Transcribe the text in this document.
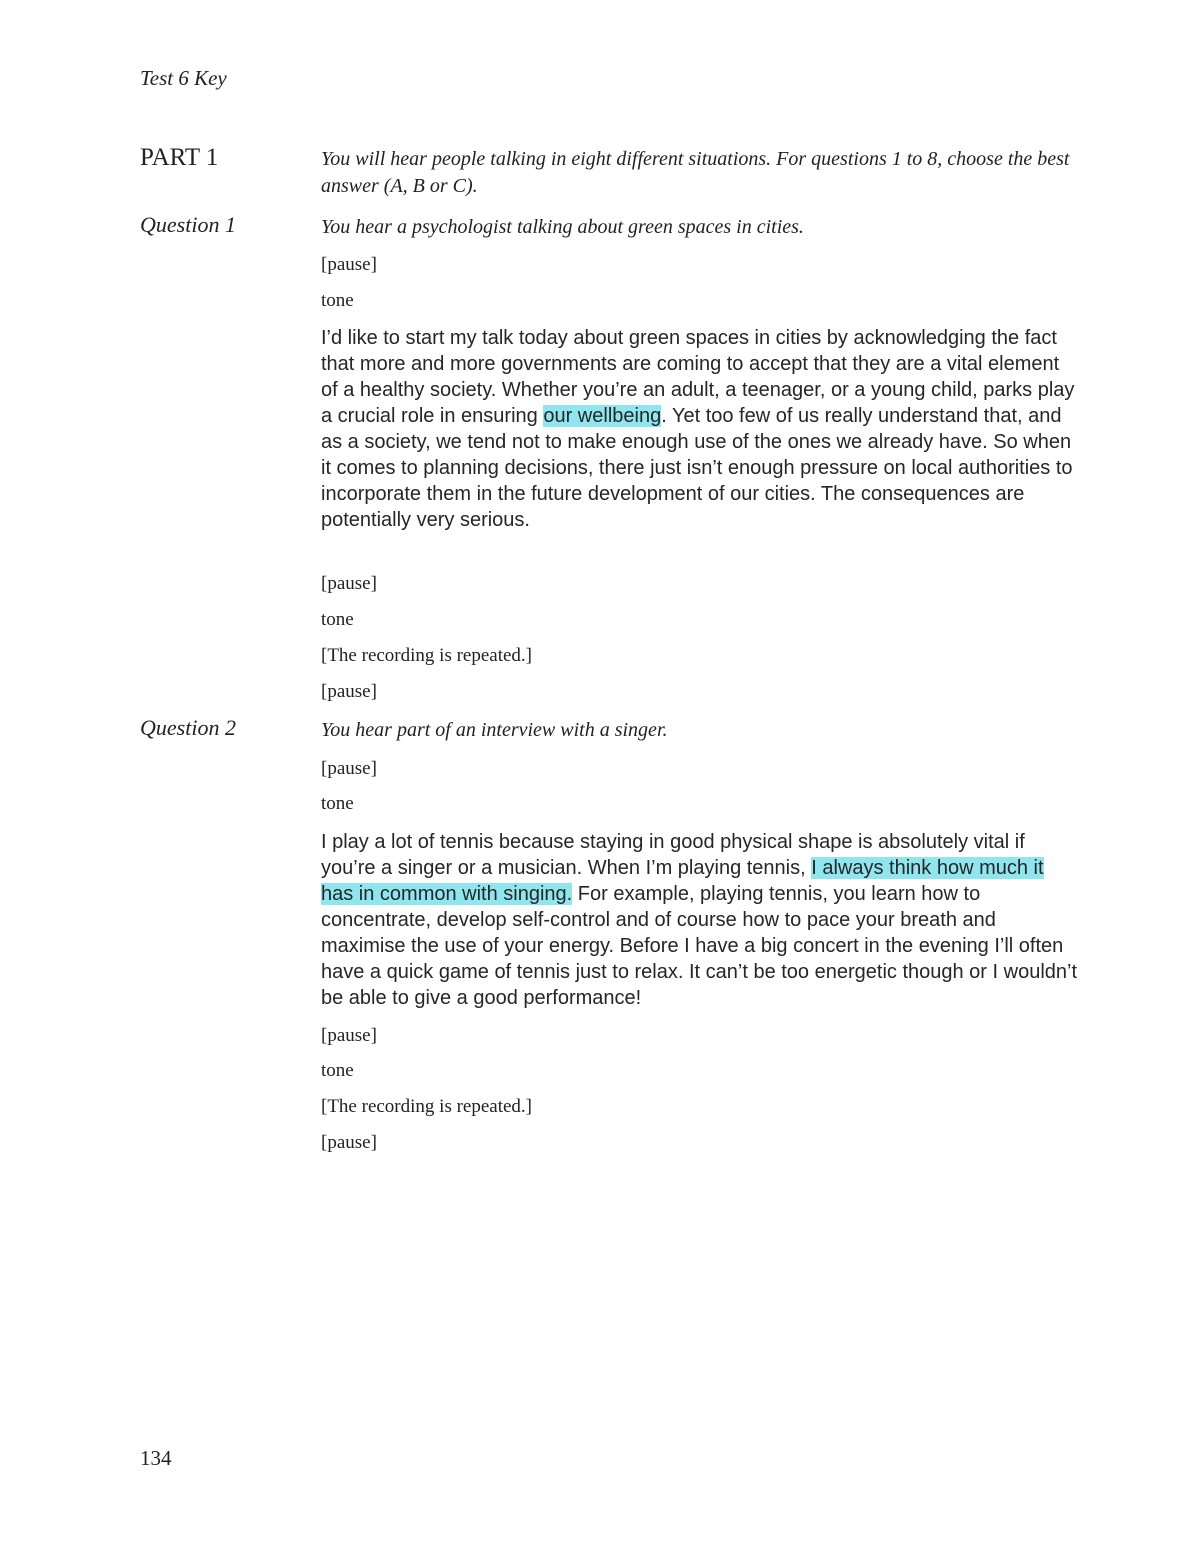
Test 6 Key
PART 1	You will hear people talking in eight different situations. For questions 1 to 8, choose the best answer (A, B or C).

Question 1	You hear a psychologist talking about green spaces in cities.

[pause]

tone

I’d like to start my talk today about green spaces in cities by acknowledging the fact that more and more governments are coming to accept that they are a vital element of a healthy society. Whether you’re an adult, a teenager, or a young child, parks play a crucial role in ensuring our wellbeing. Yet too few of us really understand that, and as a society, we tend not to make enough use of the ones we already have. So when it comes to planning decisions, there just isn’t enough pressure on local authorities to incorporate them in the future development of our cities. The consequences are potentially very serious.

[pause]

tone

[The recording is repeated.]

[pause]

Question 2	You hear part of an interview with a singer.

[pause]

tone

I play a lot of tennis because staying in good physical shape is absolutely vital if you’re a singer or a musician. When I’m playing tennis, I always think how much it has in common with singing. For example, playing tennis, you learn how to concentrate, develop self-control and of course how to pace your breath and maximise the use of your energy. Before I have a big concert in the evening I’ll often have a quick game of tennis just to relax. It can’t be too energetic though or I wouldn’t be able to give a good performance!

[pause]

tone

[The recording is repeated.]

[pause]

134
